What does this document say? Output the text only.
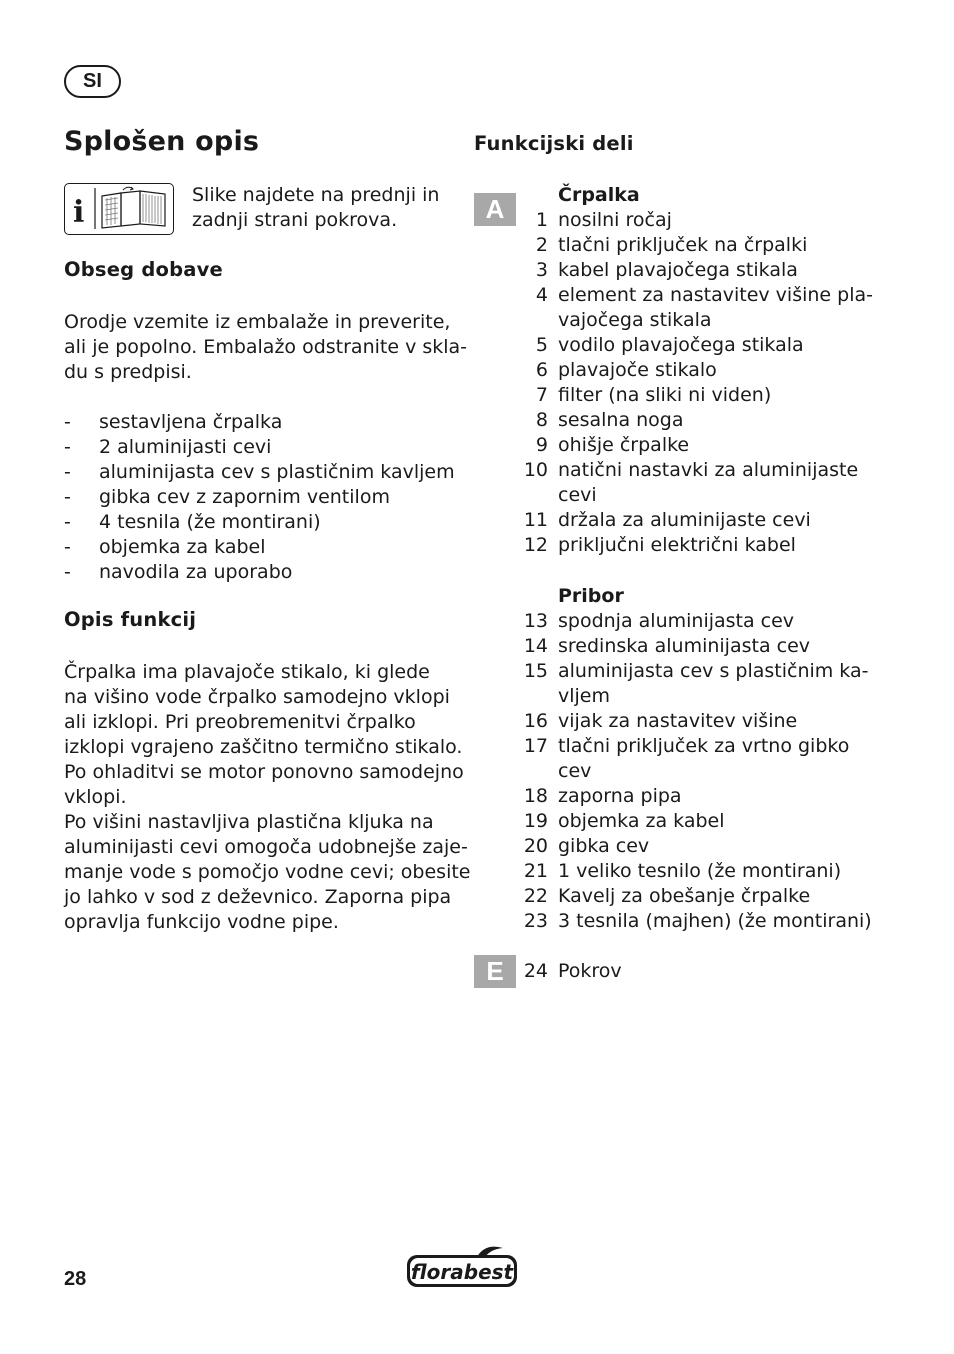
SI
Splošen opis
i	Slike najdete na prednji in
zadnji strani pokrova.
Obseg dobave
Orodje vzemite iz embalaže in preverite,
ali je popolno. Embalažo odstranite v skla-
du s predpisi.
- sestavljena črpalka
- 2 aluminijasti cevi
- aluminijasta cev s plastičnim kavljem
- gibka cev z zapornim ventilom
- 4 tesnila (že montirani)
- objemka za kabel
- navodila za uporabo
Opis funkcij
Črpalka ima plavajoče stikalo, ki glede
na višino vode črpalko samodejno vklopi
ali izklopi. Pri preobremenitvi črpalko
izklopi vgrajeno zaščitno termično stikalo.
Po ohladitvi se motor ponovno samodejno
vklopi.
Po višini nastavljiva plastična kljuka na
aluminijasti cevi omogoča udobnejše zaje-
manje vode s pomočjo vodne cevi; obesite
jo lahko v sod z deževnico. Zaporna pipa
opravlja funkcijo vodne pipe.
Funkcijski deli
A	Črpalka
1 nosilni ročaj
2 tlačni priključek na črpalki
3 kabel plavajočega stikala
4 element za nastavitev višine pla-
vajočega stikala
5 vodilo plavajočega stikala
6 plavajoče stikalo
7 filter (na sliki ni viden)
8 sesalna noga
9 ohišje črpalke
10 natični nastavki za aluminijaste
cevi
11 držala za aluminijaste cevi
12 priključni električni kabel
Pribor
13 spodnja aluminijasta cev
14 sredinska aluminijasta cev
15 aluminijasta cev s plastičnim ka-
vljem
16 vijak za nastavitev višine
17 tlačni priključek za vrtno gibko
cev
18 zaporna pipa
19 objemka za kabel
20 gibka cev
21 1 veliko tesnilo (že montirani)
22 Kavelj za obešanje črpalke
23 3 tesnila (majhen) (že montirani)
E	24 Pokrov
28	florabest
